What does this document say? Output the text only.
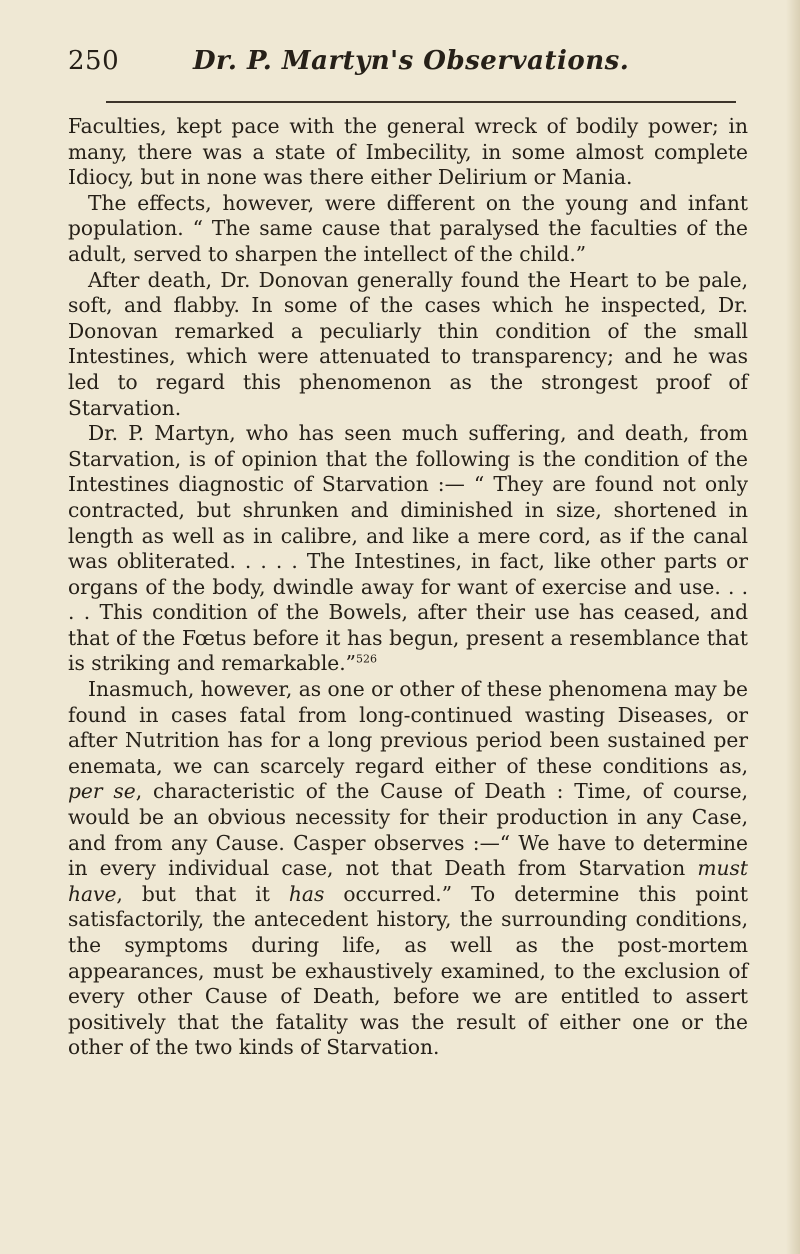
250	Dr. P. Martyn's Observations.

Faculties, kept pace with the general wreck of bodily power; in many, there was a state of Imbecility, in some almost complete Idiocy, but in none was there either Delirium or Mania.

The effects, however, were different on the young and infant population. “ The same cause that paralysed the faculties of the adult, served to sharpen the intellect of the child.”

After death, Dr. Donovan generally found the Heart to be pale, soft, and flabby. In some of the cases which he inspected, Dr. Donovan remarked a peculiarly thin condition of the small Intestines, which were attenuated to transparency; and he was led to regard this phenomenon as the strongest proof of Starvation.

Dr. P. Martyn, who has seen much suffering, and death, from Starvation, is of opinion that the following is the condition of the Intestines diagnostic of Starvation :— “ They are found not only contracted, but shrunken and diminished in size, shortened in length as well as in calibre, and like a mere cord, as if the canal was obliterated. . . . . The Intestines, in fact, like other parts or organs of the body, dwindle away for want of exercise and use. . . . . This condition of the Bowels, after their use has ceased, and that of the Fœtus before it has begun, present a resemblance that is striking and remarkable.”$^{526}$

Inasmuch, however, as one or other of these phenomena may be found in cases fatal from long-continued wasting Diseases, or after Nutrition has for a long previous period been sustained per enemata, we can scarcely regard either of these conditions as, per se, characteristic of the Cause of Death : Time, of course, would be an obvious necessity for their production in any Case, and from any Cause. Casper observes :—“ We have to determine in every individual case, not that Death from Starvation must have, but that it has occurred.” To determine this point satisfactorily, the antecedent history, the surrounding conditions, the symptoms during life, as well as the post-mortem appearances, must be exhaustively examined, to the exclusion of every other Cause of Death, before we are entitled to assert positively that the fatality was the result of either one or the other of the two kinds of Starvation.
